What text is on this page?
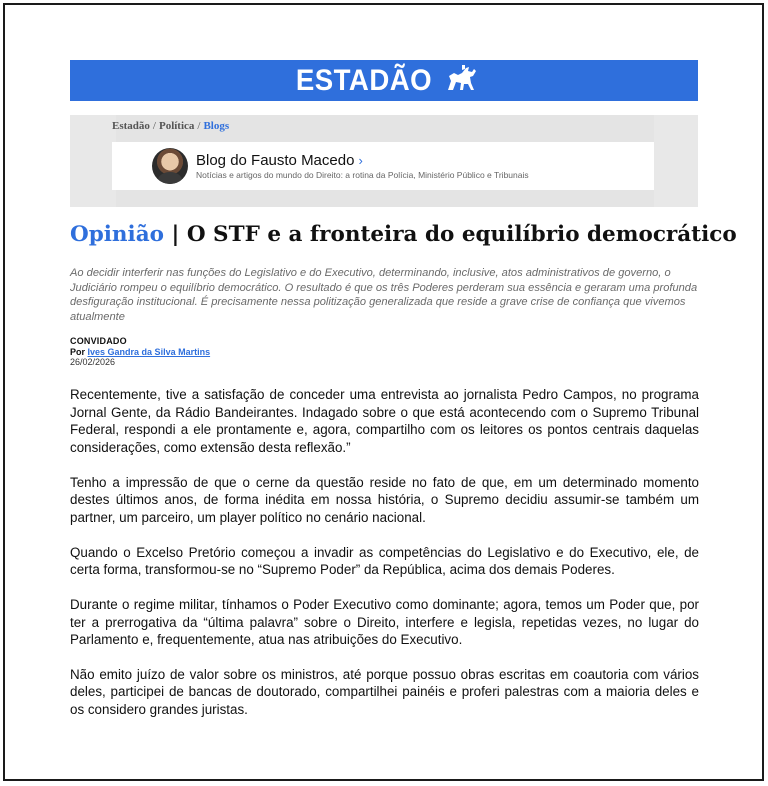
ESTADÃO
Estadão / Política / Blogs
Blog do Fausto Macedo ›
Notícias e artigos do mundo do Direito: a rotina da Polícia, Ministério Público e Tribunais
Opinião | O STF e a fronteira do equilíbrio democrático

Ao decidir interferir nas funções do Legislativo e do Executivo, determinando, inclusive, atos administrativos de governo, o Judiciário rompeu o equilíbrio democrático. O resultado é que os três Poderes perderam sua essência e geraram uma profunda desfiguração institucional. É precisamente nessa politização generalizada que reside a grave crise de confiança que vivemos atualmente

CONVIDADO
Por Ives Gandra da Silva Martins
26/02/2026

Recentemente, tive a satisfação de conceder uma entrevista ao jornalista Pedro Campos, no programa Jornal Gente, da Rádio Bandeirantes. Indagado sobre o que está acontecendo com o Supremo Tribunal Federal, respondi a ele prontamente e, agora, compartilho com os leitores os pontos centrais daquelas considerações, como extensão desta reflexão.”

Tenho a impressão de que o cerne da questão reside no fato de que, em um determinado momento destes últimos anos, de forma inédita em nossa história, o Supremo decidiu assumir-se também um partner, um parceiro, um player político no cenário nacional.

Quando o Excelso Pretório começou a invadir as competências do Legislativo e do Executivo, ele, de certa forma, transformou-se no “Supremo Poder” da República, acima dos demais Poderes.

Durante o regime militar, tínhamos o Poder Executivo como dominante; agora, temos um Poder que, por ter a prerrogativa da “última palavra” sobre o Direito, interfere e legisla, repetidas vezes, no lugar do Parlamento e, frequentemente, atua nas atribuições do Executivo.

Não emito juízo de valor sobre os ministros, até porque possuo obras escritas em coautoria com vários deles, participei de bancas de doutorado, compartilhei painéis e proferi palestras com a maioria deles e os considero grandes juristas.
